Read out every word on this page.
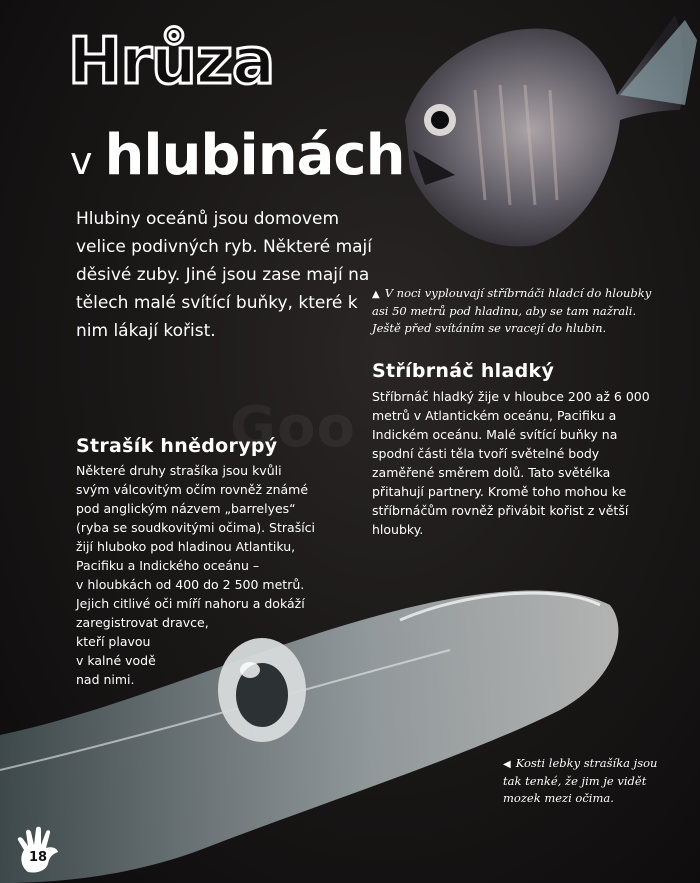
Goo
Hrůza
v hlubinách
Hlubiny oceánů jsou domovem velice podivných ryb. Některé mají děsivé zuby. Jiné jsou zase mají na tělech malé svítící buňky, které k nim lákají kořist.
▲ V noci vyplouvají stříbrnáči hladcí do hloubky asi 50 metrů pod hladinu, aby se tam nažrali. Ještě před svítáním se vracejí do hlubin.
Stříbrnáč hladký
Stříbrnáč hladký žije v hloubce 200 až 6 000 metrů v Atlantickém oceánu, Pacifiku a Indickém oceánu. Malé svítící buňky na spodní části těla tvoří světelné body zaměřené směrem dolů. Tato světélka přitahují partnery. Kromě toho mohou ke stříbrnáčům rovněž přivábit kořist z větší hloubky.
Strašík hnědorypý
Některé druhy strašíka jsou kvůli
svým válcovitým očím rovněž známé
pod anglickým názvem „barrelyes“
(ryba se soudkovitými očima). Strašíci
žijí hluboko pod hladinou Atlantiku,
Pacifiku a Indického oceánu –
v hloubkách od 400 do 2 500 metrů.
Jejich citlivé oči míří nahoru a dokáží
zaregistrovat dravce,
kteří plavou
v kalné vodě
nad nimi.
◀ Kosti lebky strašíka jsou tak tenké, že jim je vidět mozek mezi očima.
18
